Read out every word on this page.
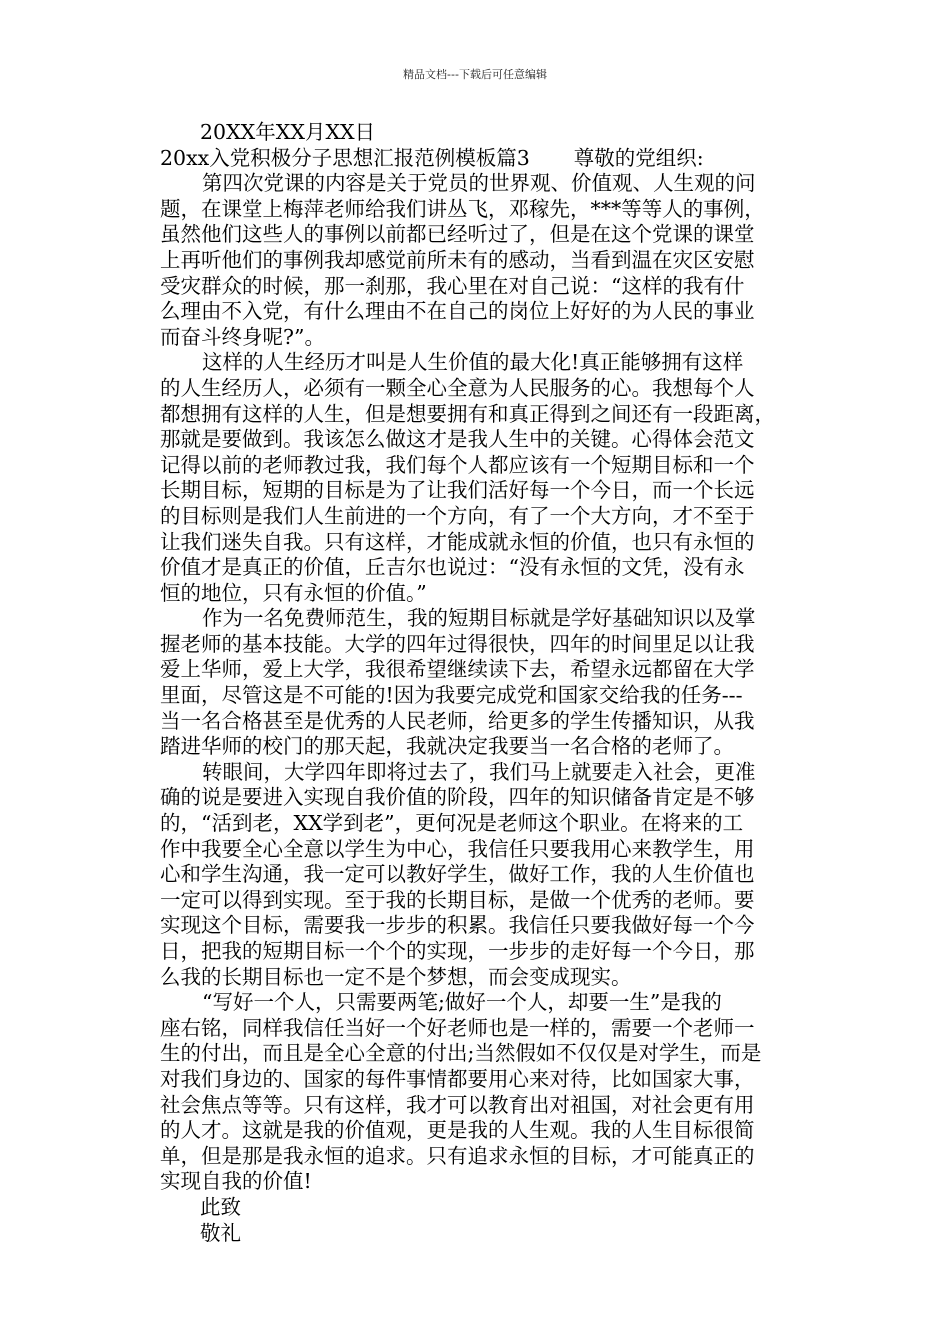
精品文档---下载后可任意编辑
20XX年XX月XX日
20xx入党积极分子思想汇报范例模板篇3 尊敬的党组织:
第四次党课的内容是关于党员的世界观、价值观、人生观的问
题，在课堂上梅萍老师给我们讲丛飞，邓稼先，***等等人的事例，
虽然他们这些人的事例以前都已经听过了，但是在这个党课的课堂
上再听他们的事例我却感觉前所未有的感动，当看到温在灾区安慰
受灾群众的时候，那一刹那，我心里在对自己说：“这样的我有什
么理由不入党，有什么理由不在自己的岗位上好好的为人民的事业
而奋斗终身呢?”。
这样的人生经历才叫是人生价值的最大化!真正能够拥有这样
的人生经历人，必须有一颗全心全意为人民服务的心。我想每个人
都想拥有这样的人生，但是想要拥有和真正得到之间还有一段距离，
那就是要做到。我该怎么做这才是我人生中的关键。心得体会范文
记得以前的老师教过我，我们每个人都应该有一个短期目标和一个
长期目标，短期的目标是为了让我们活好每一个今日，而一个长远
的目标则是我们人生前进的一个方向，有了一个大方向，才不至于
让我们迷失自我。只有这样，才能成就永恒的价值，也只有永恒的
价值才是真正的价值，丘吉尔也说过：“没有永恒的文凭，没有永
恒的地位，只有永恒的价值。”
作为一名免费师范生，我的短期目标就是学好基础知识以及掌
握老师的基本技能。大学的四年过得很快，四年的时间里足以让我
爱上华师，爱上大学，我很希望继续读下去，希望永远都留在大学
里面，尽管这是不可能的!因为我要完成党和国家交给我的任务---
当一名合格甚至是优秀的人民老师，给更多的学生传播知识，从我
踏进华师的校门的那天起，我就决定我要当一名合格的老师了。
转眼间，大学四年即将过去了，我们马上就要走入社会，更准
确的说是要进入实现自我价值的阶段，四年的知识储备肯定是不够
的，“活到老，XX学到老”，更何况是老师这个职业。在将来的工
作中我要全心全意以学生为中心，我信任只要我用心来教学生，用
心和学生沟通，我一定可以教好学生，做好工作，我的人生价值也
一定可以得到实现。至于我的长期目标，是做一个优秀的老师。要
实现这个目标，需要我一步步的积累。我信任只要我做好每一个今
日，把我的短期目标一个个的实现，一步步的走好每一个今日，那
么我的长期目标也一定不是个梦想，而会变成现实。
“写好一个人，只需要两笔;做好一个人，却要一生”是我的
座右铭，同样我信任当好一个好老师也是一样的，需要一个老师一
生的付出，而且是全心全意的付出;当然假如不仅仅是对学生，而是
对我们身边的、国家的每件事情都要用心来对待，比如国家大事，
社会焦点等等。只有这样，我才可以教育出对祖国，对社会更有用
的人才。这就是我的价值观，更是我的人生观。我的人生目标很简
单，但是那是我永恒的追求。只有追求永恒的目标，才可能真正的
实现自我的价值!
此致
敬礼
